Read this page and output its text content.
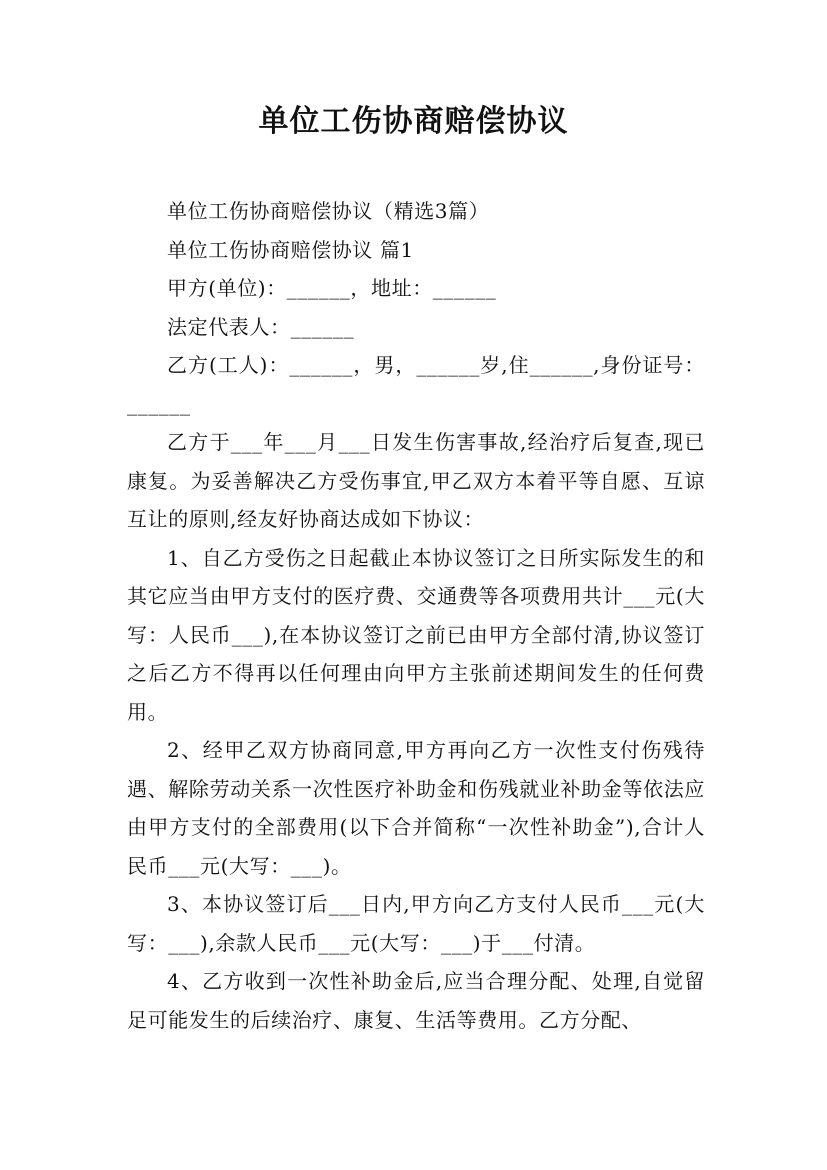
单位工伤协商赔偿协议

单位工伤协商赔偿协议（精选3篇）

单位工伤协商赔偿协议 篇1

甲方(单位)：______，地址：______

法定代表人：______

乙方(工人)：______，男，______岁,住______,身份证号：______

乙方于___年___月___日发生伤害事故,经治疗后复查,现已康复。为妥善解决乙方受伤事宜,甲乙双方本着平等自愿、互谅互让的原则,经友好协商达成如下协议：

1、自乙方受伤之日起截止本协议签订之日所实际发生的和其它应当由甲方支付的医疗费、交通费等各项费用共计___元(大写：人民币___),在本协议签订之前已由甲方全部付清,协议签订之后乙方不得再以任何理由向甲方主张前述期间发生的任何费用。

2、经甲乙双方协商同意,甲方再向乙方一次性支付伤残待遇、解除劳动关系一次性医疗补助金和伤残就业补助金等依法应由甲方支付的全部费用(以下合并简称“一次性补助金”),合计人民币___元(大写：___)。

3、本协议签订后___日内,甲方向乙方支付人民币___元(大写：___),余款人民币___元(大写：___)于___付清。

4、乙方收到一次性补助金后,应当合理分配、处理,自觉留足可能发生的后续治疗、康复、生活等费用。乙方分配、
